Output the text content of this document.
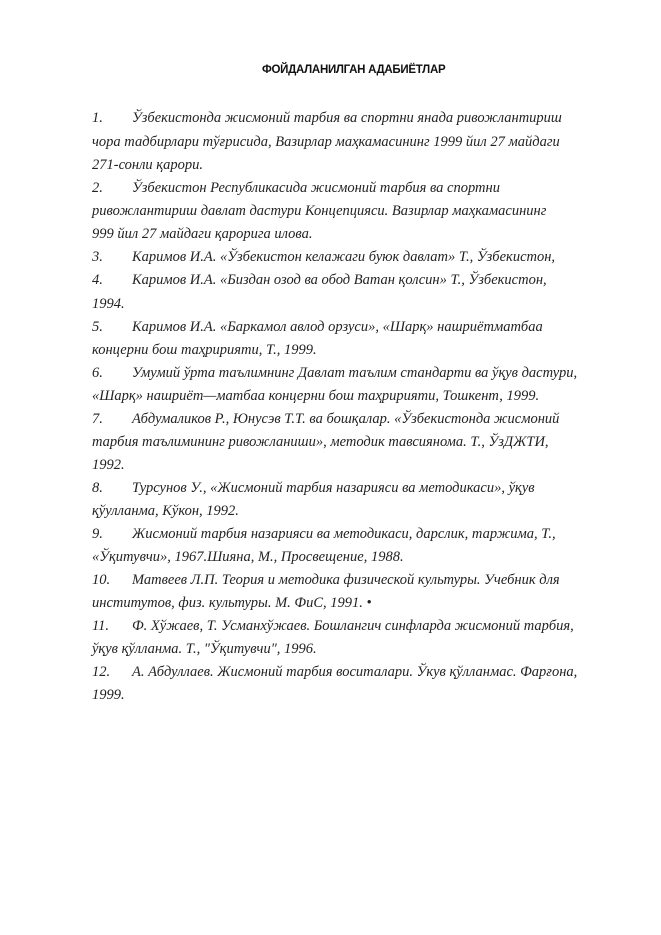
ФОЙДАЛАНИЛГАН АДАБИЁТЛАР
1. Ўзбекистонда жисмоний тарбия ва спортни янада ривожлантириш
чора тадбирлари тўғрисида, Вазирлар маҳкамасининг 1999 йил 27 майдаги
271-сонли қарори.
2. Ўзбекистон Республикасида жисмоний тарбия ва спортни
ривожлантириш давлат дастури Концепцияси. Вазирлар маҳкамасининг
999 йил 27 майдаги қарорига илова.
3. Каримов И.А. «Ўзбекистон келажаги буюк давлат» Т., Ўзбекистон,
4. Каримов И.А. «Биздан озод ва обод Ватан қолсин» Т., Ўзбекистон,
1994.
5. Каримов И.А. «Баркамол авлод орзуси», «Шарқ» нашриётматбаа
концерни бош таҳририяти, Т., 1999.
6. Умумий ўрта таълимнинг Давлат таълим стандарти ва ўқув дастури,
«Шарқ» нашриёт—матбаа концерни бош таҳририяти, Тошкент, 1999.
7. Абдумаликов Р., Юнусэв Т.Т. ва бошқалар. «Ўзбекистонда жисмоний
тарбия таълимининг ривожланиши», методик тавсиянома. Т., ЎзДЖТИ,
1992.
8. Турсунов У., «Жисмоний тарбия назарияси ва методикаси», ўқув
қўулланма, Кўкон, 1992.
9. Жисмоний тарбия назарияси ва методикаси, дарслик, таржима, Т.,
«Ўқитувчи», 1967.Шияна, М., Просвещение, 1988.
10. Матвеев Л.П. Теория и методика физической культуры. Учебник для
институтов, физ. культуры. М. ФиС, 1991. •
11. Ф. Хўжаев, Т. Усманхўжаев. Бошлангич синфларда жисмоний тарбия,
ўқув қўлланма. Т., "Ўқитувчи", 1996.
12. А. Абдуллаев. Жисмоний тарбия воситалари. Ўкув қўлланмас. Фарғона,
1999.
